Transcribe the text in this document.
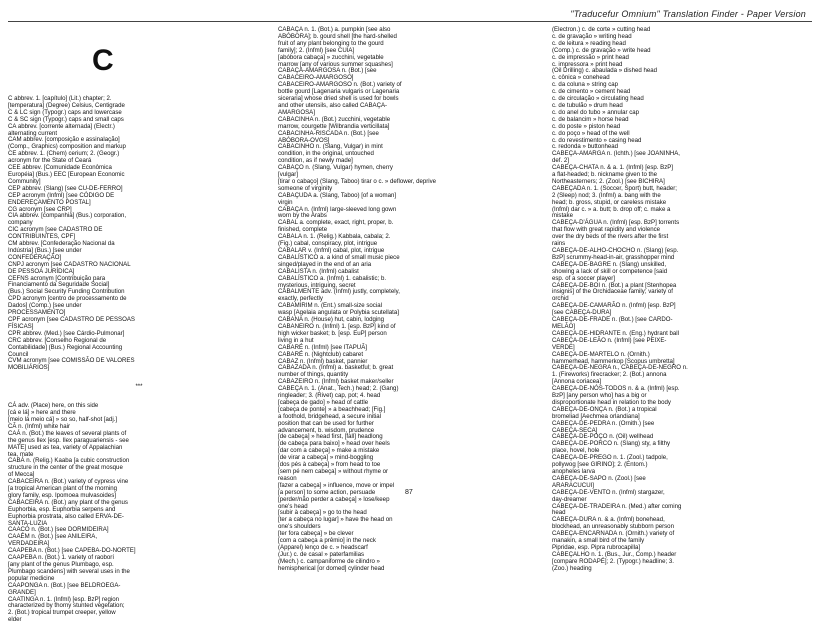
"Traducefur Omnium" Translation Finder - Paper Version
C
C abbrev. 1. [capítulo] (Lit.) chapter; 2.
[temperatura] (Degree) Celsius, Centigrade
C & LC sign (Typogr.) caps and lowercase
C & SC sign (Typogr.) caps and small caps
CA abbrev. [corrente alternada] (Electr.)
alternating current
CAM abbrev. [composição e assinalação]
(Comp., Graphics) composition and markup
CE abbrev. 1. (Chem) cerium; 2. (Geogr.)
acronym for the State of Ceará
CEE abbrev. [Comunidade Econômica
Européia] (Bus.) EEC [European Economic
Community]
CEP abbrev. (Slang) [see CU-DE-FERRO]
CEP acronym (Infml) [see CÓDIGO DE
ENDEREÇAMENTO POSTAL]
CG acronym [see CRP]
CIA abbrev. [companhia] (Bus.) corporation,
company
CIC acronym [see CADASTRO DE
CONTRIBUINTES, CPF]
CM abbrev. [Confederação Nacional da
Indústria] (Bus.) [see under
CONFEDERAÇÃO]
CNPJ acronym [see CADASTRO NACIONAL
DE PESSOA JURÍDICA]
CEFNS acronym [Contribuição para
Financiamento da Seguridade Social]
(Bus.) Social Security Funding Contribution
CPD acronym [centro de processamento de
Dados] (Comp.) [see under
PROCESSAMENTO]
CPF acronym [see CADASTRO DE PESSOAS
FÍSICAS]
CPR abbrev. (Med.) [see Cárdio-Pulmonar]
CRC abbrev. [Conselho Regional de
Contabilidade] (Bus.) Regional Accounting
Council
CVM acronym [see COMISSÃO DE VALORES
MOBILIÁRIOS]
***
CÁ adv. (Place) here, on this side
[cá e lá] » here and there
[meio lá meio cá] » so so, half-shot [adj.]
CÃ n. (Infml) white hair
CAÁ n. (Bot.) the leaves of several plants of
the genus Ilex [esp. Ilex paraguariensis - see
MATE] used as tea, variety of Appalachian
tea, mate
CABÁ n. (Relig.) Kaaba [a cubic construction
structure in the center of the great mosque
of Mecca]
CABACEIRA n. (Bot.) variety of cypress vine
[a tropical American plant of the morning
glory family, esp. Ipomoea mulvasoides]
CABACEIRA n. (Bot.) any plant of the genus
Euphorbia, esp. Euphorbia serpens and
Euphorbia prostrata, also called ERVA-DE-
SANTA-LUZIA
CAACÓ n. (Bot.) [see DORMIDEIRA]
CAAÉM n. (Bot.) [see ANILEIRA,
VERDADEIRA]
CAAPEBA n. (Bot.) [see CAPEBA-DO-NORTE]
CAAPEBA n. (Bot.) 1. variety of raoborí
[any plant of the genus Plumbago, esp.
Plumbago scandens] with several uses in the
popular medicine
CAAPONGA n. (Bot.) [see BELDROEGA-
GRANDE]
CAATINGA n. 1. (Infml) [esp. BzP] region
characterized by thorny stunted vegetation;
2. (Bot.) tropical trumpet creeper, yellow
elder
CABAÇA n. 1. (Bot.) a. pumpkin [see also
ABÓBORA]; b. gourd shell [the hard-shelled
fruit of any plant belonging to the gourd
family]; 2. (Infml) [see CUIA]
[abóbora cabaça] » zucchini, vegetable
marrow [any of various summer squashes]
CABAÇA-AMARGOSA n. (Bot.) [see
CABACEIRO-AMARGOSO]
CABACEIRO-AMARGOSO n. (Bot.) variety of
bottle gourd [Lagenaria vulgaris or Lagenaria
siceraria] whose dried shell is used for bowls
and other utensils, also called CABAÇA-
AMARGOSA]
CABACINHA n. (Bot.) zucchini, vegetable
marrow, courgette [Wilbrandia verticillata]
CABACINHA-RISCADA n. (Bot.) [see
ABÓBORA-OVOS]
CABACINHO n. (Slang, Vulgar) in mint
condition, in the original, untouched
condition, as if newly made]
CABAÇO n. (Slang, Vulgar) hymen, cherry
[vulgar]
[tirar o cabaço] (Slang, Taboo) tirar o c. » deflower, deprive
someone of virginity
CABAÇUDA a. (Slang, Taboo) [of a woman]
virgin
CABAÇA n. (Infml) large-sleeved long gown
worn by the Arabs
CABAL a. complete, exact, right, proper, b.
finished, complete
CABALA n. 1. (Relig.) Kabbala, cabala; 2.
(Fig.) cabal, conspiracy, plot, intrigue
CABALAR v. (Infml) cabal, plot, intrigue
CABALÍSTICO a. a kind of small music piece
singed/played in the end of an aria
CABALISTA n. (Infml) cabalist
CABALÍSTICO a. (Infml) 1. cabalistic; b.
mysterious, intriguing, secret
CABALMENTE adv. (Infml) justly, completely,
exactly, perfectly
CABAMIRIM n. (Ent.) small-size social
wasp [Agelaia angulata or Polybia scutellata]
CABANA n. (House) hut, cabin, lodging
CABANEIRO n. (Infml) 1. [esp. BzP] kind of
high wicker basket; b. [esp. EuP] person
living in a hut
CABARÉ n. (Infml) [see ITAPUÃ]
CABARÉ n. (Nightclub) cabaret
CABAZ n. (Infml) basket, pannier
CABAZADA n. (Infml) a. basketful; b. great
number of things, quantity
CABAZEIRO n. (Infml) basket maker/seller
CABEÇA n. 1. (Anat., Tech.) head; 2. (Gang)
ringleader; 3. (Rivet) cap, pot; 4. head
[cabeça de gado] » head of cattle
[cabeça de ponte] » a beachhead; [Fig.]
a foothold, bridgehead, a secure initial
position that can be used for further
advancement, b. wisdom, prudence
[de cabeça] » head first, [fall] headlong
[de cabeça para baixo] » head over heels
[dar com a cabeça] » make a mistake
[de virar a cabeça] » mind-boggling
[dos pés à cabeça] » from head to toe
[sem pé nem cabeça] » without rhyme or
reason
[fazer a cabeça] » influence, move or impel
[a person] to some action, persuade
[perder/não perder a cabeça] » lose/keep
one's head
[subir à cabeça] » go to the head
[ter a cabeça no lugar] » have the head on
one's shoulders
[ter fora cabeça] » be clever
[com a cabeça a prêmio] in the neck
(Apparel) lenço de c. » headscarf
(Jur.) c. de casal » paterfamilias
(Mech.) c. campaniforme de cilindro »
hemispherical [or domed] cylinder head
(Electron.) c. de corte » cutting head
c. de gravação » writing head
c. de leitura » reading head
(Comp.) c. de gravação » write head
c. de impressão » print head
c. impressora » print head
(Oil Drilling) c. abaulada » dished head
c. cônica » conehead
c. da coluna » string cap
c. de cimento » cement head
c. de circulação » circulating head
c. de tubulão » drum head
c. do anel do tubo » annular cap
c. de balancim » horse head
c. do poste » piston head
c. do poço » head of the well
c. do revestimento » casing head
c. redonda » buttonhead
CABEÇA-AMARGA n. (Ichth.) [see JOANINHA,
def. 2]
CABEÇA-CHATA n. & a. 1. (Infml) [esp. BzP]
a flat-headed; b. nickname given to the
Northeasterners; 2. (Zool.) [see BICHIRA]
CABEÇADA n. 1. (Soccer, Sport) butt, header;
2 (Sleep) nod; 3. (Infml) a. bang with the
head; b. gross, stupid, or careless mistake
(Infml) dar c. » a. butt; b. drop off; c. make a
mistake
CABEÇA-D'ÁGUA n. (Infml) [esp. BzP] torrents
that flow with great rapidity and violence
over the dry beds of the rivers after the first
rains
CABEÇA-DE-ALHO-CHOCHO n. (Slang) [esp.
BzP] scrummy-head-in-air, grasshopper mind
CABEÇA-DE-BAGRE n. (Slang) unskilled,
showing a lack of skill or competence [said
esp. of a soccer player]
CABEÇA-DE-BOI n. (Bot.) a plant [Stenhopea
insignis] of the Orchidaceae family; variety of
orchid
CABEÇA-DE-CAMARÃO n. (Infml) [esp. BzP]
[see CABEÇA-DURA]
CABEÇA-DE-FRADE n. (Bot.) [see CARDO-
MELÃO]
CABEÇA-DE-HIDRANTE n. (Eng.) hydrant ball
CABEÇA-DE-LEÃO n. (Infml) [see PEIXE-
VERDE]
CABEÇA-DE-MARTELO n. (Ornith.)
hammerhead, hammerkop [Scopus umbretta]
CABEÇA-DE-NEGRA n., CABEÇA-DE-NEGRO n.
1. (Fireworks) firecracker; 2. (Bot.) annona
[Annona coriacea]
CABEÇA-DE-NÓS-TODOS n. & a. (Infml) [esp.
BzP] [any person who] has a big or
disproportionate head in relation to the body
CABEÇA-DE-ONÇA n. (Bot.) a tropical
bromeliad [Aechmea orlandiana]
CABEÇA-DE-PEDRA n. (Ornith.) [see
CABEÇA-SECA]
CABEÇA-DE-POÇO n. (Oil) wellhead
CABEÇA-DE-PORCO n. (Slang) sty, a filthy
place, hovel, hole
CABEÇA-DE-PREGO n. 1. (Zool.) tadpole,
pollywog [see GIRINO]; 2. (Entom.)
anopheles larva
CABEÇA-DE-SAPO n. (Zool.) [see
ARARACUCUI]
CABEÇA-DE-VENTO n. (Infml) stargazer,
day-dreamer
CABEÇA-DE-TRADEIRA n. (Med.) after coming
head
CABEÇA-DURA n. & a. (Infml) bonehead,
blockhead, an unreasonably stubborn person
CABEÇA-ENCARNADA n. (Ornith.) variety of
manakin, a small bird of the family
Pipridae, esp. Pipra rubrocapilla]
CABEÇALHO n. 1. (Bus., Jur., Comp.) header
[compare RODAPÉ]; 2. (Typogr.) headline; 3.
(Zoo.) heading
87
